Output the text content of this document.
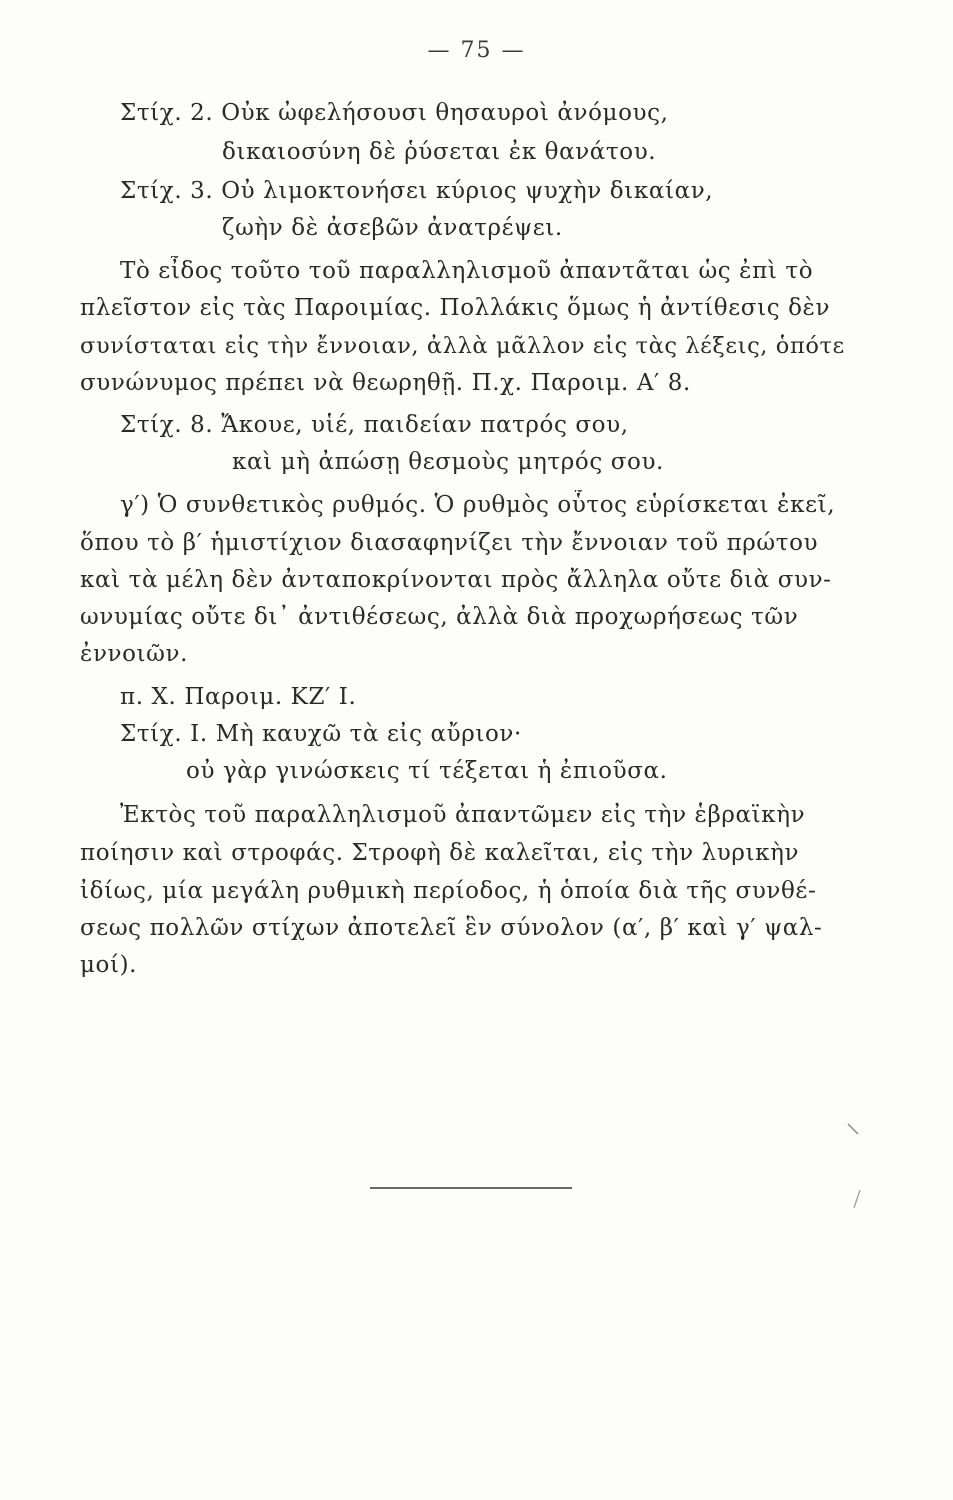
— 75 —
Στίχ. 2. Οὐκ ὠφελήσουσι θησαυροὶ ἀνόμους,
δικαιοσύνη δὲ ῥύσεται ἐκ θανάτου.
Στίχ. 3. Οὐ λιμοκτονήσει κύριος ψυχὴν δικαίαν,
ζωὴν δὲ ἀσεβῶν ἀνατρέψει.
Τὸ εἶδος τοῦτο τοῦ παραλληλισμοῦ ἀπαντᾶται ὡς ἐπὶ τὸ
πλεῖστον εἰς τὰς Παροιμίας. Πολλάκις ὅμως ἡ ἀντίθεσις δὲν
συνίσταται εἰς τὴν ἔννοιαν, ἀλλὰ μᾶλλον εἰς τὰς λέξεις, ὁπότε
συνώνυμος πρέπει νὰ θεωρηθῇ. Π.χ. Παροιμ. Α′ 8.
Στίχ. 8. Ἄκουε, υἱέ, παιδείαν πατρός σου,
καὶ μὴ ἀπώσῃ θεσμοὺς μητρός σου.
γ′) Ὁ συνθετικὸς ρυθμός. Ὁ ρυθμὸς οὗτος εὑρίσκεται ἐκεῖ,
ὅπου τὸ β′ ἡμιστίχιον διασαφηνίζει τὴν ἔννοιαν τοῦ πρώτου
καὶ τὰ μέλη δὲν ἀνταποκρίνονται πρὸς ἄλληλα οὔτε διὰ συν-
ωνυμίας οὔτε δι᾽ ἀντιθέσεως, ἀλλὰ διὰ προχωρήσεως τῶν
ἐννοιῶν.
π. Χ. Παροιμ. ΚΖ′ Ι.
Στίχ. Ι. Μὴ καυχῶ τὰ εἰς αὔριον·
οὐ γὰρ γινώσκεις τί τέξεται ἡ ἐπιοῦσα.
Ἐκτὸς τοῦ παραλληλισμοῦ ἀπαντῶμεν εἰς τὴν ἑβραϊκὴν
ποίησιν καὶ στροφάς. Στροφὴ δὲ καλεῖται, εἰς τὴν λυρικὴν
ἰδίως, μία μεγάλη ρυθμικὴ περίοδος, ἡ ὁποία διὰ τῆς συνθέ-
σεως πολλῶν στίχων ἀποτελεῖ ἓν σύνολον (α′, β′ καὶ γ′ ψαλ-
μοί).
